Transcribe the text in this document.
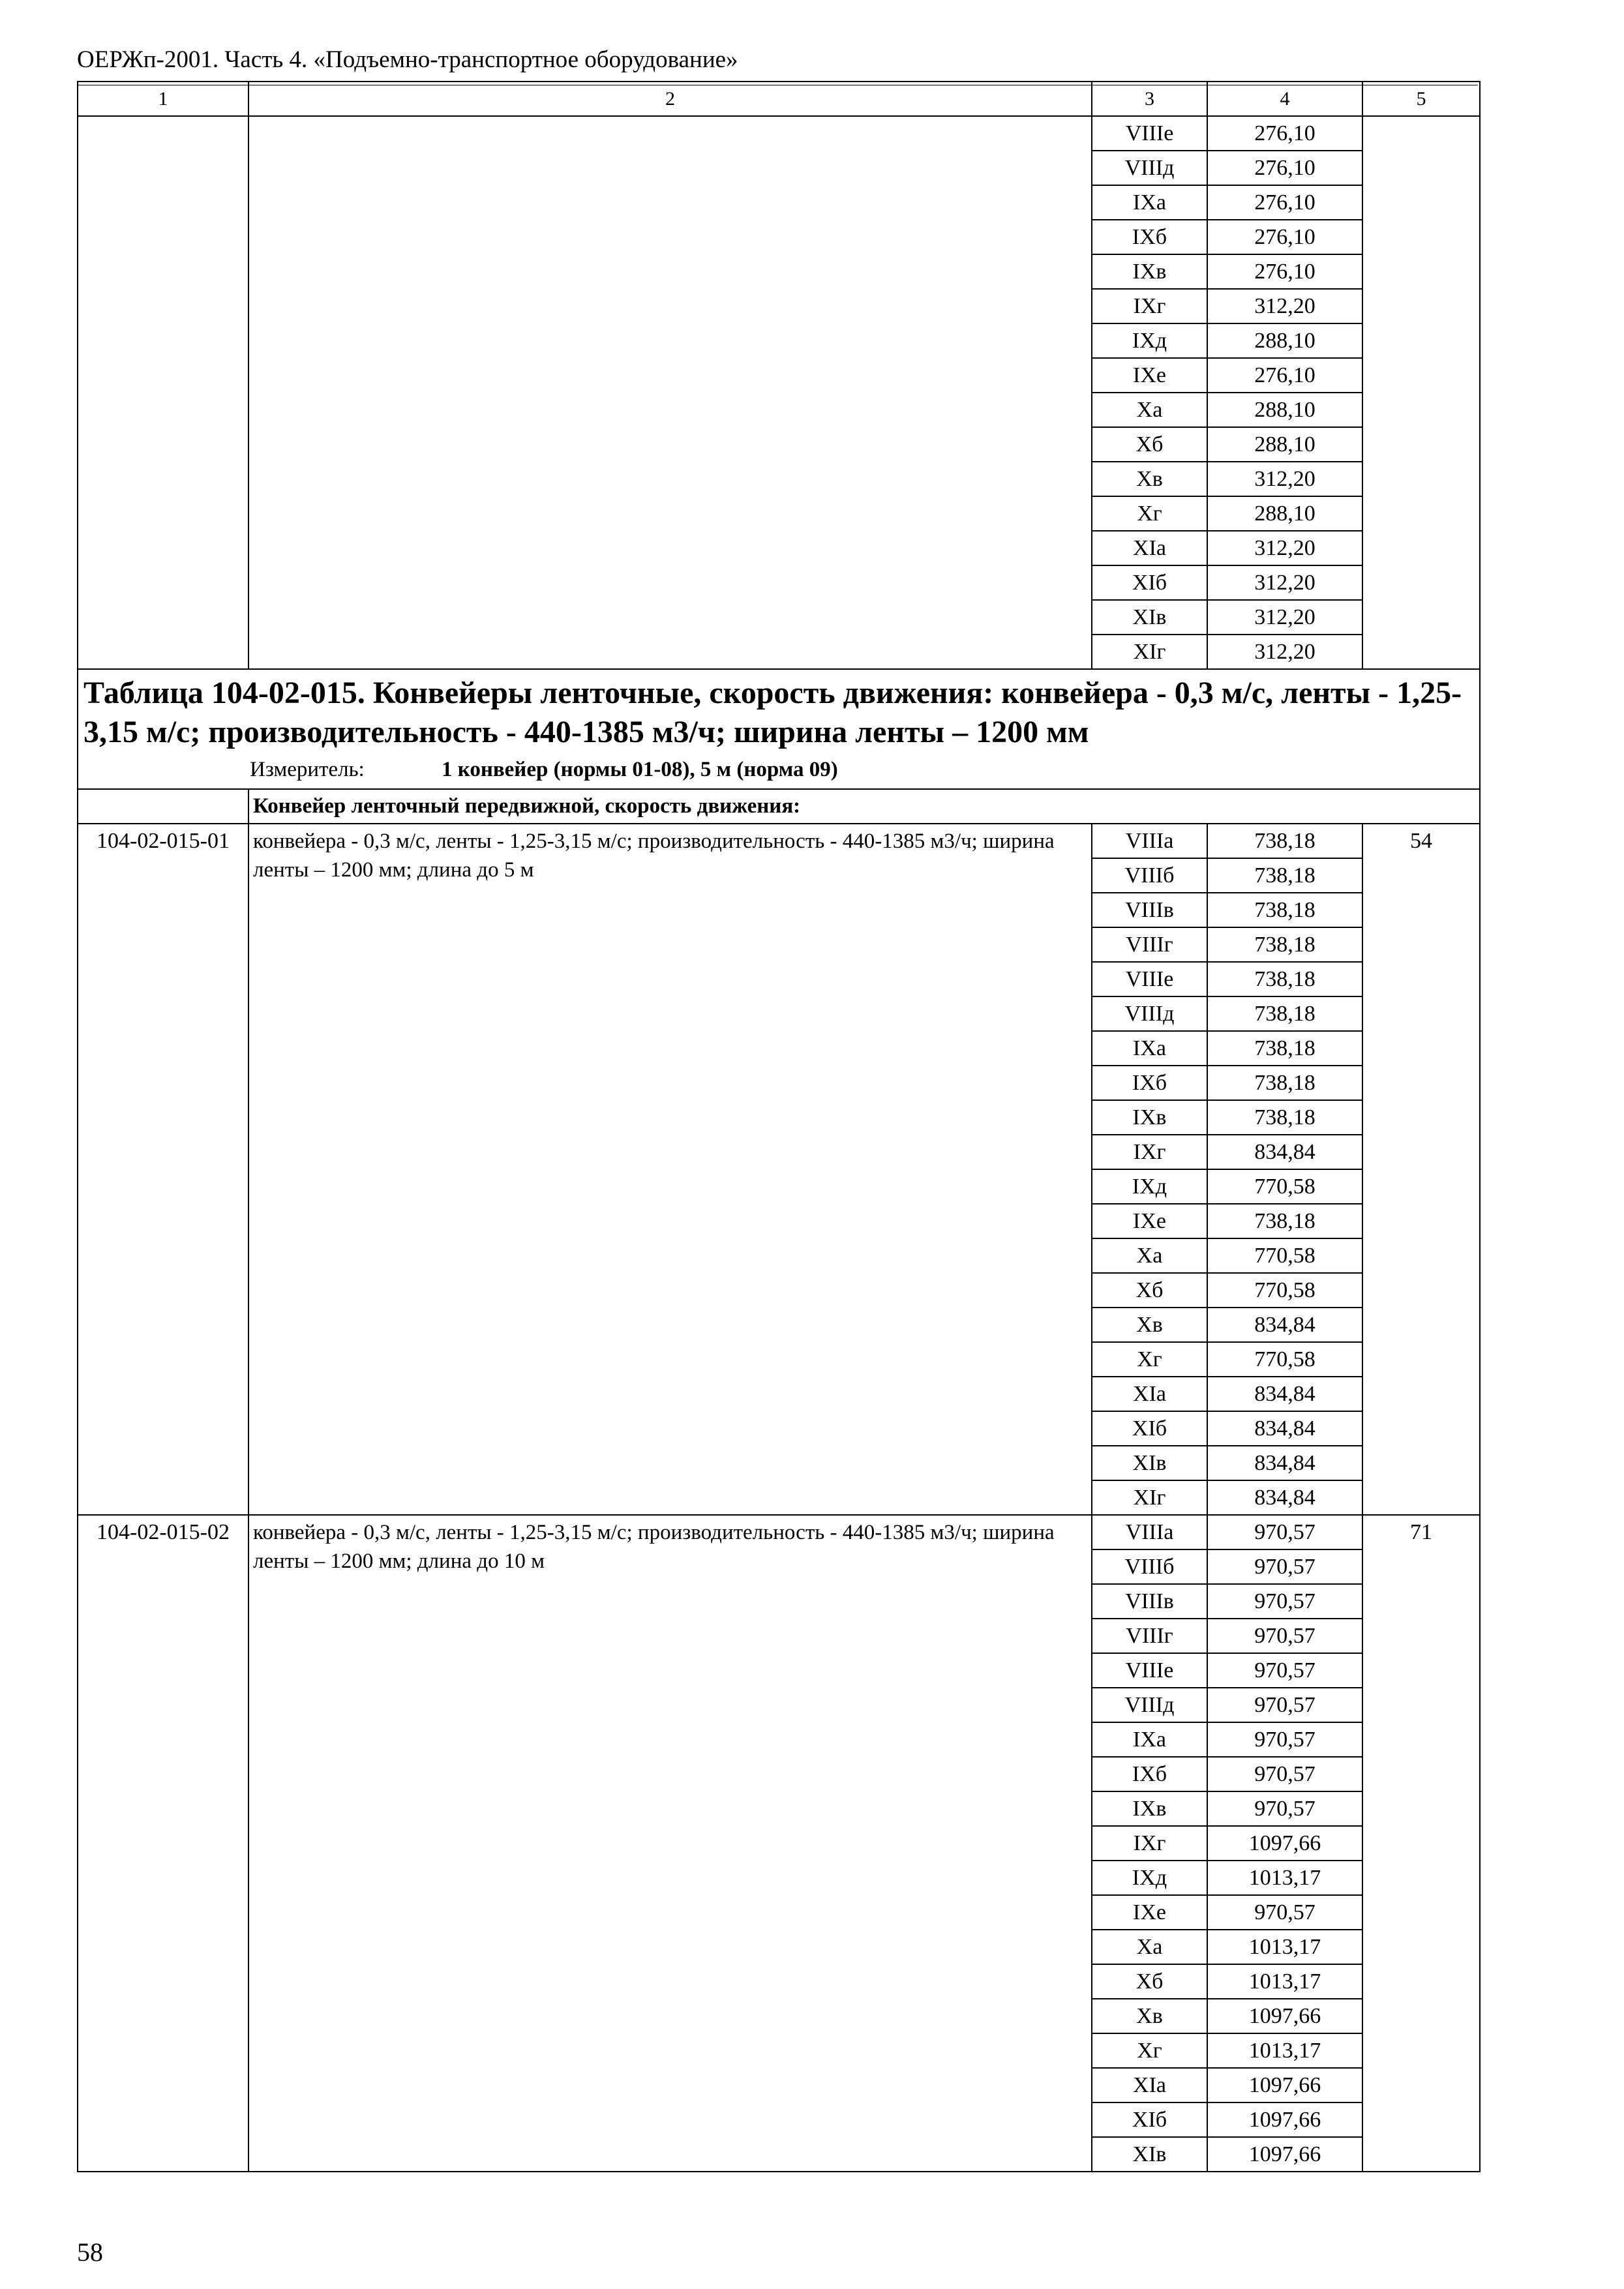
ОЕРЖп-2001. Часть 4. «Подъемно-транспортное оборудование»
1	2	3	4	5
		VIIIе	276,10	
		VIIIд	276,10	
		IXа	276,10	
		IXб	276,10	
		IXв	276,10	
		IXг	312,20	
		IXд	288,10	
		IXе	276,10	
		Xа	288,10	
		Xб	288,10	
		Xв	312,20	
		Xг	288,10	
		XIа	312,20	
		XIб	312,20	
		XIв	312,20	
		XIг	312,20	

Таблица 104-02-015. Конвейеры ленточные, скорость движения: конвейера - 0,3 м/с, ленты - 1,25-3,15 м/с; производительность - 440-1385 м3/ч; ширина ленты – 1200 мм
Измеритель: 1 конвейер (нормы 01-08), 5 м (норма 09)				

	Конвейер ленточный передвижной, скорость движения:			
104-02-015-01	конвейера - 0,3 м/с, ленты - 1,25-3,15 м/с; производительность - 440-1385 м3/ч; ширина ленты – 1200 мм; длина до 5 м	VIIIа	738,18	54
		VIIIб	738,18	
		VIIIв	738,18	
		VIIIг	738,18	
		VIIIе	738,18	
		VIIIд	738,18	
		IXа	738,18	
		IXб	738,18	
		IXв	738,18	
		IXг	834,84	
		IXд	770,58	
		IXе	738,18	
		Xа	770,58	
		Xб	770,58	
		Xв	834,84	
		Xг	770,58	
		XIа	834,84	
		XIб	834,84	
		XIв	834,84	
		XIг	834,84	
104-02-015-02	конвейера - 0,3 м/с, ленты - 1,25-3,15 м/с; производительность - 440-1385 м3/ч; ширина ленты – 1200 мм; длина до 10 м	VIIIа	970,57	71
		VIIIб	970,57	
		VIIIв	970,57	
		VIIIг	970,57	
		VIIIе	970,57	
		VIIIд	970,57	
		IXа	970,57	
		IXб	970,57	
		IXв	970,57	
		IXг	1097,66	
		IXд	1013,17	
		IXе	970,57	
		Xа	1013,17	
		Xб	1013,17	
		Xв	1097,66	
		Xг	1013,17	
		XIа	1097,66	
		XIб	1097,66	
		XIв	1097,66	
58
